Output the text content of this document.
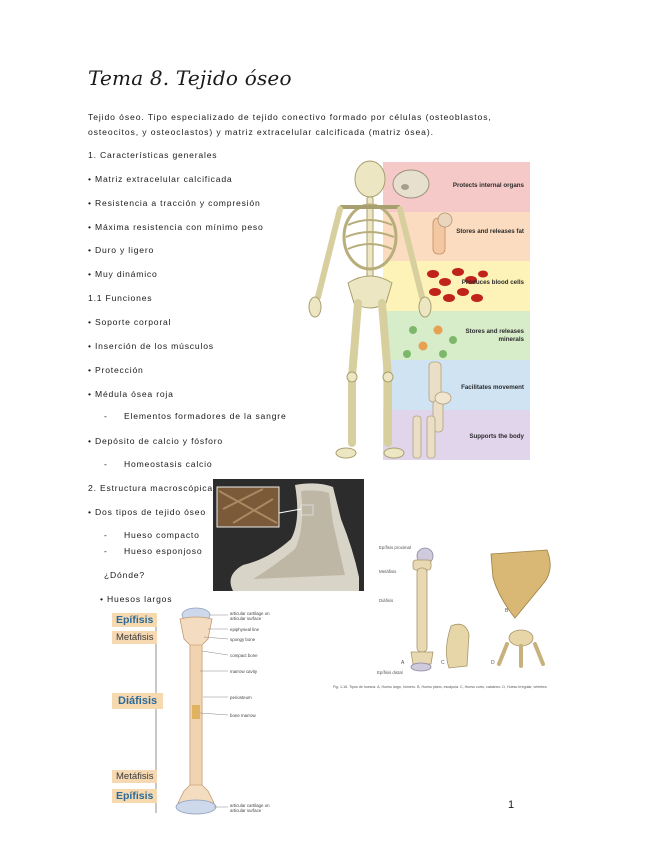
Tema 8. Tejido óseo
Tejido óseo. Tipo especializado de tejido conectivo formado por células (osteoblastos, osteocitos, y osteoclastos) y matriz extracelular calcificada (matriz ósea).
1. Características generales
• Matriz extracelular calcificada
• Resistencia a tracción y compresión
• Máxima resistencia con mínimo peso
• Duro y ligero
• Muy dinámico
1.1 Funciones
• Soporte corporal
• Inserción de los músculos
• Protección
• Médula ósea roja
- Elementos formadores de la sangre
• Depósito de calcio y fósforo
- Homeostasis calcio
2. Estructura macroscópica
• Dos tipos de tejido óseo
- Hueso compacto
- Hueso esponjoso
¿Dónde?
• Huesos largos
Protects internal organs
Stores and releases fat
Produces blood cells
Stores and releases minerals
Facilitates movement
Supports the body
Epífisis proximal
Metáfisis
Diáfisis
Epífisis distal
A
B
C	D
Fig. 1-16. Tipos de huesos. A, Hueso largo, húmero. B, Hueso plano, escápula. C, Hueso corto, calcáneo. D, Hueso irregular, vértebra.
Epífisis
Metáfisis
Diáfisis
Metáfisis
Epífisis
articular cartilage on articular surface
epiphyseal line
spongy bone
compact bone
marrow cavity
periosteum
bone marrow
articular cartilage on articular surface	1
